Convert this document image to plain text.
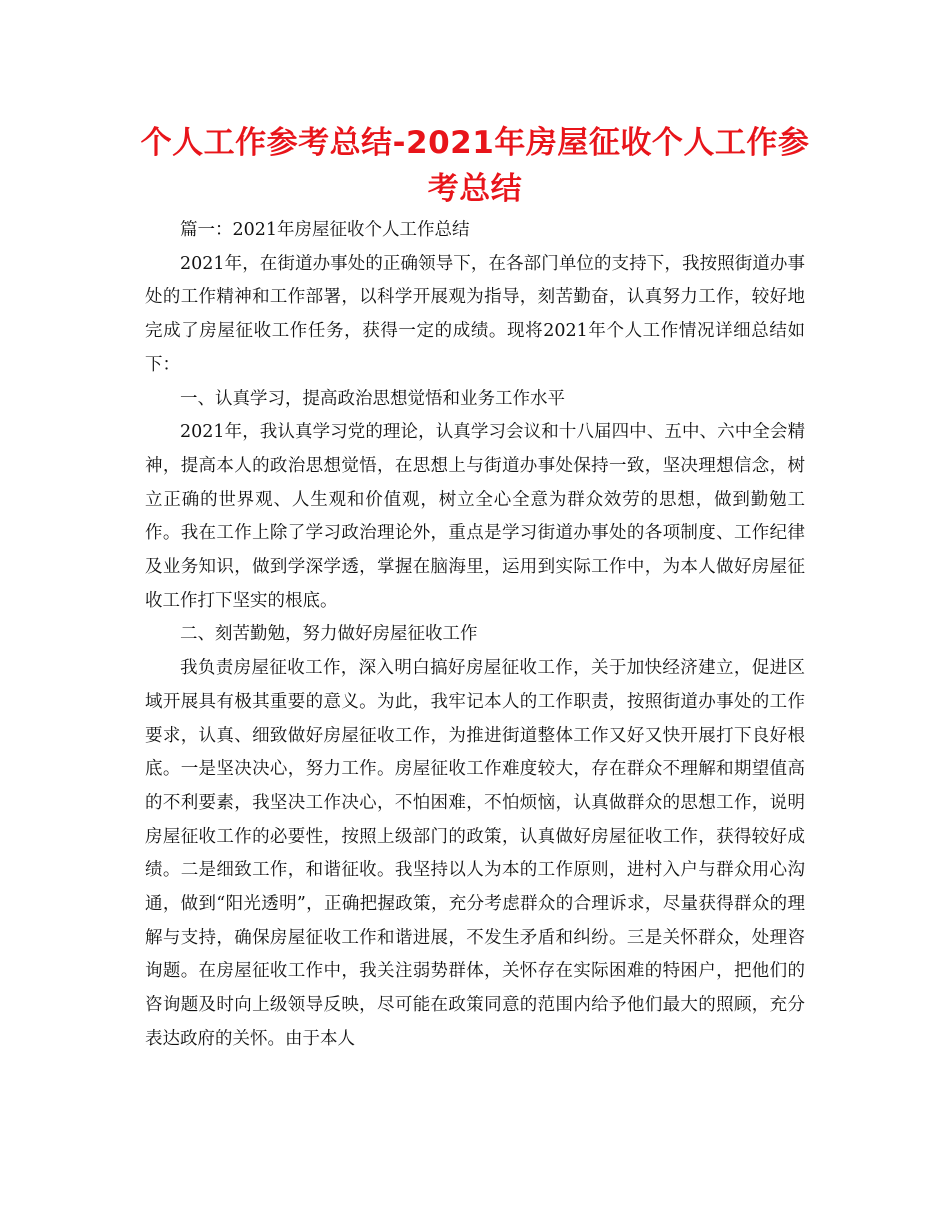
个人工作参考总结-2021年房屋征收个人工作参
考总结

篇一：2021年房屋征收个人工作总结

2021年，在街道办事处的正确领导下，在各部门单位的支持下，我按照街道办事处的工作精神和工作部署，以科学开展观为指导，刻苦勤奋，认真努力工作，较好地完成了房屋征收工作任务，获得一定的成绩。现将2021年个人工作情况详细总结如下：

一、认真学习，提高政治思想觉悟和业务工作水平

2021年，我认真学习党的理论，认真学习会议和十八届四中、五中、六中全会精神，提高本人的政治思想觉悟，在思想上与街道办事处保持一致，坚决理想信念，树立正确的世界观、人生观和价值观，树立全心全意为群众效劳的思想，做到勤勉工作。我在工作上除了学习政治理论外，重点是学习街道办事处的各项制度、工作纪律及业务知识，做到学深学透，掌握在脑海里，运用到实际工作中，为本人做好房屋征收工作打下坚实的根底。

二、刻苦勤勉，努力做好房屋征收工作

我负责房屋征收工作，深入明白搞好房屋征收工作，关于加快经济建立，促进区域开展具有极其重要的意义。为此，我牢记本人的工作职责，按照街道办事处的工作要求，认真、细致做好房屋征收工作，为推进街道整体工作又好又快开展打下良好根底。一是坚决决心，努力工作。房屋征收工作难度较大，存在群众不理解和期望值高的不利要素，我坚决工作决心，不怕困难，不怕烦恼，认真做群众的思想工作，说明房屋征收工作的必要性，按照上级部门的政策，认真做好房屋征收工作，获得较好成绩。二是细致工作，和谐征收。我坚持以人为本的工作原则，进村入户与群众用心沟通，做到“阳光透明”，正确把握政策，充分考虑群众的合理诉求，尽量获得群众的理解与支持，确保房屋征收工作和谐进展，不发生矛盾和纠纷。三是关怀群众，处理咨询题。在房屋征收工作中，我关注弱势群体，关怀存在实际困难的特困户，把他们的咨询题及时向上级领导反映，尽可能在政策同意的范围内给予他们最大的照顾，充分表达政府的关怀。由于本人
